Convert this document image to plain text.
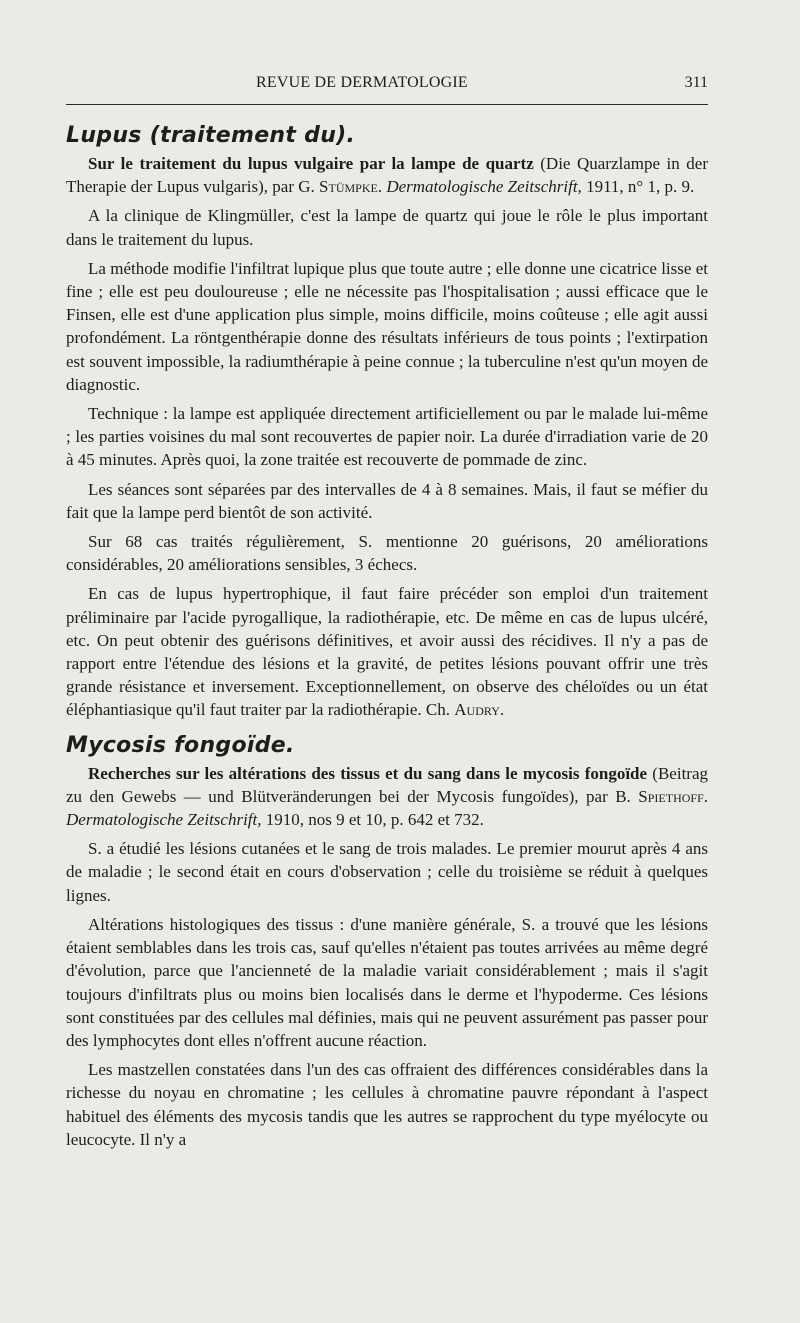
REVUE DE DERMATOLOGIE	311
Lupus (traitement du).

Sur le traitement du lupus vulgaire par la lampe de quartz (Die Quarzlampe in der Therapie der Lupus vulgaris), par G. Stümpke. Dermatologische Zeitschrift, 1911, n° 1, p. 9.

A la clinique de Klingmüller, c'est la lampe de quartz qui joue le rôle le plus important dans le traitement du lupus.

La méthode modifie l'infiltrat lupique plus que toute autre ; elle donne une cicatrice lisse et fine ; elle est peu douloureuse ; elle ne nécessite pas l'hospitalisation ; aussi efficace que le Finsen, elle est d'une application plus simple, moins difficile, moins coûteuse ; elle agit aussi profondément. La röntgenthérapie donne des résultats inférieurs de tous points ; l'extirpation est souvent impossible, la radiumthérapie à peine connue ; la tuberculine n'est qu'un moyen de diagnostic.

Technique : la lampe est appliquée directement artificiellement ou par le malade lui-même ; les parties voisines du mal sont recouvertes de papier noir. La durée d'irradiation varie de 20 à 45 minutes. Après quoi, la zone traitée est recouverte de pommade de zinc.

Les séances sont séparées par des intervalles de 4 à 8 semaines. Mais, il faut se méfier du fait que la lampe perd bientôt de son activité.

Sur 68 cas traités régulièrement, S. mentionne 20 guérisons, 20 améliorations considérables, 20 améliorations sensibles, 3 échecs.

En cas de lupus hypertrophique, il faut faire précéder son emploi d'un traitement préliminaire par l'acide pyrogallique, la radiothérapie, etc. De même en cas de lupus ulcéré, etc. On peut obtenir des guérisons définitives, et avoir aussi des récidives. Il n'y a pas de rapport entre l'étendue des lésions et la gravité, de petites lésions pouvant offrir une très grande résistance et inversement. Exceptionnellement, on observe des chéloïdes ou un état éléphantiasique qu'il faut traiter par la radiothérapie. Ch. Audry.

Mycosis fongoïde.

Recherches sur les altérations des tissus et du sang dans le mycosis fongoïde (Beitrag zu den Gewebs — und Blütveränderungen bei der Mycosis fungoïdes), par B. Spiethoff. Dermatologische Zeitschrift, 1910, nos 9 et 10, p. 642 et 732.

S. a étudié les lésions cutanées et le sang de trois malades. Le premier mourut après 4 ans de maladie ; le second était en cours d'observation ; celle du troisième se réduit à quelques lignes.

Altérations histologiques des tissus : d'une manière générale, S. a trouvé que les lésions étaient semblables dans les trois cas, sauf qu'elles n'étaient pas toutes arrivées au même degré d'évolution, parce que l'ancienneté de la maladie variait considérablement ; mais il s'agit toujours d'infiltrats plus ou moins bien localisés dans le derme et l'hypoderme. Ces lésions sont constituées par des cellules mal définies, mais qui ne peuvent assurément pas passer pour des lymphocytes dont elles n'offrent aucune réaction.

Les mastzellen constatées dans l'un des cas offraient des différences considérables dans la richesse du noyau en chromatine ; les cellules à chromatine pauvre répondant à l'aspect habituel des éléments des mycosis tandis que les autres se rapprochent du type myélocyte ou leucocyte. Il n'y a
